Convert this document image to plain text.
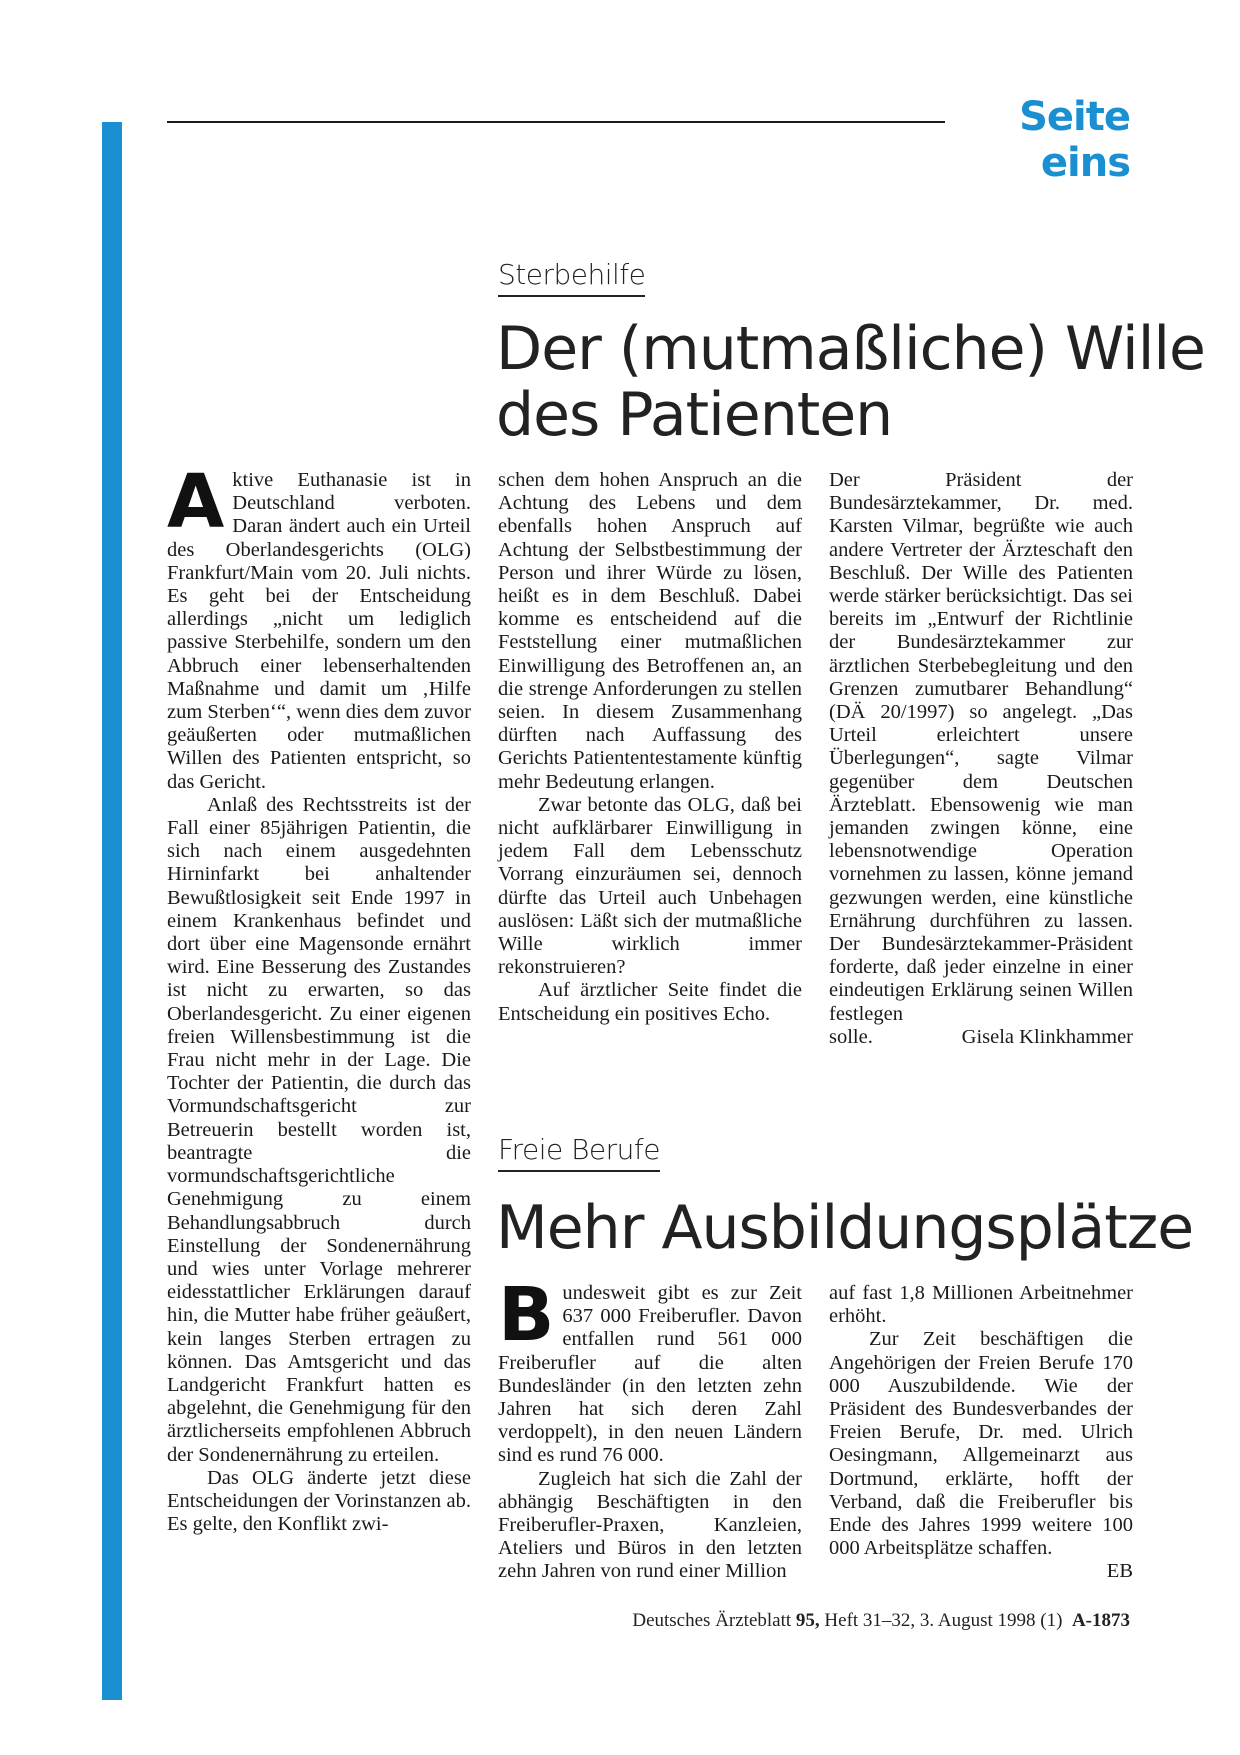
Seite eins
Sterbehilfe
Der (mutmaßliche) Wille
des Patienten

Aktive Euthanasie ist in Deutschland verboten. Daran ändert auch ein Urteil des Oberlandesgerichts (OLG) Frankfurt/Main vom 20. Juli nichts. Es geht bei der Entscheidung allerdings „nicht um lediglich passive Sterbehilfe, sondern um den Abbruch einer lebenserhaltenden Maßnahme und damit um ‚Hilfe zum Sterben‘“, wenn dies dem zuvor geäußerten oder mutmaßlichen Willen des Patienten entspricht, so das Gericht.

Anlaß des Rechtsstreits ist der Fall einer 85jährigen Patientin, die sich nach einem ausgedehnten Hirninfarkt bei anhaltender Bewußtlosigkeit seit Ende 1997 in einem Krankenhaus befindet und dort über eine Magensonde ernährt wird. Eine Besserung des Zustandes ist nicht zu erwarten, so das Oberlandesgericht. Zu einer eigenen freien Willensbestimmung ist die Frau nicht mehr in der Lage. Die Tochter der Patientin, die durch das Vormundschaftsgericht zur Betreuerin bestellt worden ist, beantragte die vormundschaftsgerichtliche Genehmigung zu einem Behandlungsabbruch durch Einstellung der Sondenernährung und wies unter Vorlage mehrerer eidesstattlicher Erklärungen darauf hin, die Mutter habe früher geäußert, kein langes Sterben ertragen zu können. Das Amtsgericht und das Landgericht Frankfurt hatten es abgelehnt, die Genehmigung für den ärztlicherseits empfohlenen Abbruch der Sondenernährung zu erteilen.

Das OLG änderte jetzt diese Entscheidungen der Vorinstanzen ab. Es gelte, den Konflikt zwi-

schen dem hohen Anspruch an die Achtung des Lebens und dem ebenfalls hohen Anspruch auf Achtung der Selbstbestimmung der Person und ihrer Würde zu lösen, heißt es in dem Beschluß. Dabei komme es entscheidend auf die Feststellung einer mutmaßlichen Einwilligung des Betroffenen an, an die strenge Anforderungen zu stellen seien. In diesem Zusammenhang dürften nach Auffassung des Gerichts Patiententestamente künftig mehr Bedeutung erlangen.

Zwar betonte das OLG, daß bei nicht aufklärbarer Einwilligung in jedem Fall dem Lebensschutz Vorrang einzuräumen sei, dennoch dürfte das Urteil auch Unbehagen auslösen: Läßt sich der mutmaßliche Wille wirklich immer rekonstruieren?

Auf ärztlicher Seite findet die Entscheidung ein positives Echo.

Der Präsident der Bundesärztekammer, Dr. med. Karsten Vilmar, begrüßte wie auch andere Vertreter der Ärzteschaft den Beschluß. Der Wille des Patienten werde stärker berücksichtigt. Das sei bereits im „Entwurf der Richtlinie der Bundesärztekammer zur ärztlichen Sterbebegleitung und den Grenzen zumutbarer Behandlung“ (DÄ 20/1997) so angelegt. „Das Urteil erleichtert unsere Überlegungen“, sagte Vilmar gegenüber dem Deutschen Ärzteblatt. Ebensowenig wie man jemanden zwingen könne, eine lebensnotwendige Operation vornehmen zu lassen, könne jemand gezwungen werden, eine künstliche Ernährung durchführen zu lassen. Der Bundesärztekammer-Präsident forderte, daß jeder einzelne in einer eindeutigen Erklärung seinen Willen festlegen

solle.	Gisela Klinkhammer
Freie Berufe
Mehr Ausbildungsplätze

Bundesweit gibt es zur Zeit 637 000 Freiberufler. Davon entfallen rund 561 000 Freiberufler auf die alten Bundesländer (in den letzten zehn Jahren hat sich deren Zahl verdoppelt), in den neuen Ländern sind es rund 76 000.

Zugleich hat sich die Zahl der abhängig Beschäftigten in den Freiberufler-Praxen, Kanzleien, Ateliers und Büros in den letzten zehn Jahren von rund einer Million

auf fast 1,8 Millionen Arbeitnehmer erhöht.

Zur Zeit beschäftigen die Angehörigen der Freien Berufe 170 000 Auszubildende. Wie der Präsident des Bundesverbandes der Freien Berufe, Dr. med. Ulrich Oesingmann, Allgemeinarzt aus Dortmund, erklärte, hofft der Verband, daß die Freiberufler bis Ende des Jahres 1999 weitere 100 000 Arbeitsplätze schaffen.

EB
Deutsches Ärzteblatt 95, Heft 31–32, 3. August 1998 (1) A-1873
